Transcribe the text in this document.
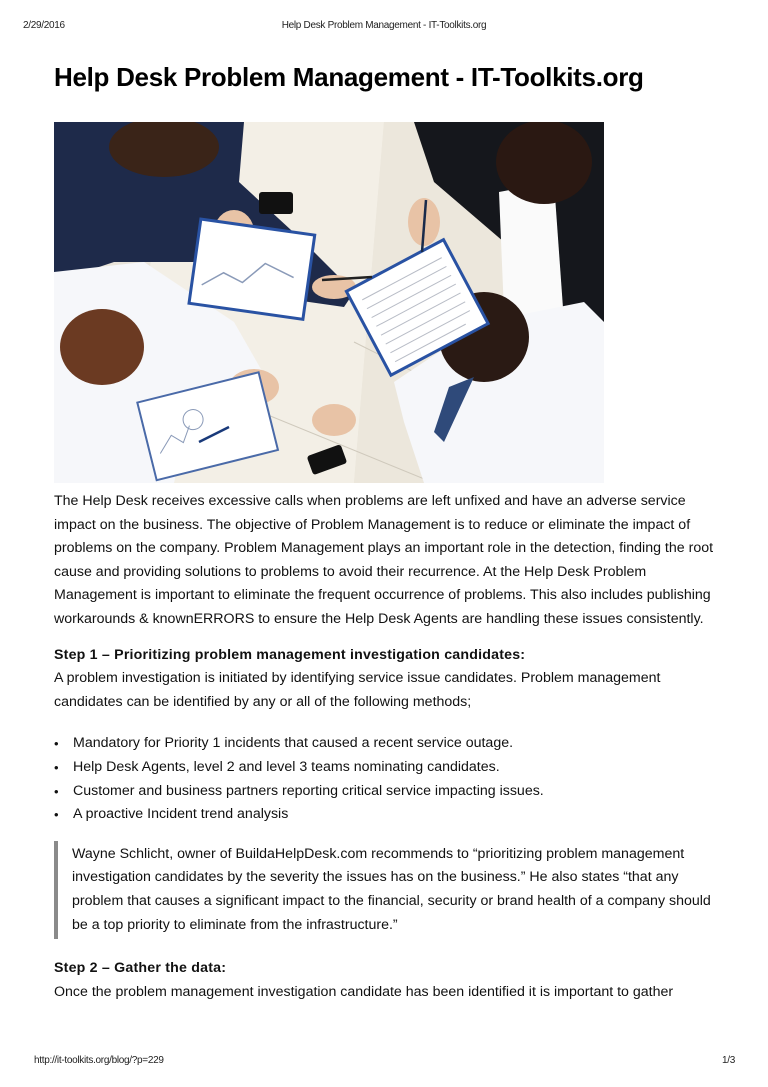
2/29/2016	Help Desk Problem Management - IT-Toolkits.org
Help Desk Problem Management - IT-Toolkits.org

The Help Desk receives excessive calls when problems are left unfixed and have an adverse service impact on the business. The objective of Problem Management is to reduce or eliminate the impact of problems on the company. Problem Management plays an important role in the detection, finding the root cause and providing solutions to problems to avoid their recurrence. At the Help Desk Problem Management is important to eliminate the frequent occurrence of problems. This also includes publishing workarounds & knownERRORS to ensure the Help Desk Agents are handling these issues consistently.

Step 1 – Prioritizing problem management investigation candidates:

A problem investigation is initiated by identifying service issue candidates. Problem management candidates can be identified by any or all of the following methods;

• Mandatory for Priority 1 incidents that caused a recent service outage.
• Help Desk Agents, level 2 and level 3 teams nominating candidates.
• Customer and business partners reporting critical service impacting issues.
• A proactive Incident trend analysis
Wayne Schlicht, owner of BuildaHelpDesk.com recommends to “prioritizing problem management investigation candidates by the severity the issues has on the business.” He also states “that any problem that causes a significant impact to the financial, security or brand health of a company should be a top priority to eliminate from the infrastructure.”

Step 2 – Gather the data:

Once the problem management investigation candidate has been identified it is important to gather

http://it-toolkits.org/blog/?p=229	1/3
